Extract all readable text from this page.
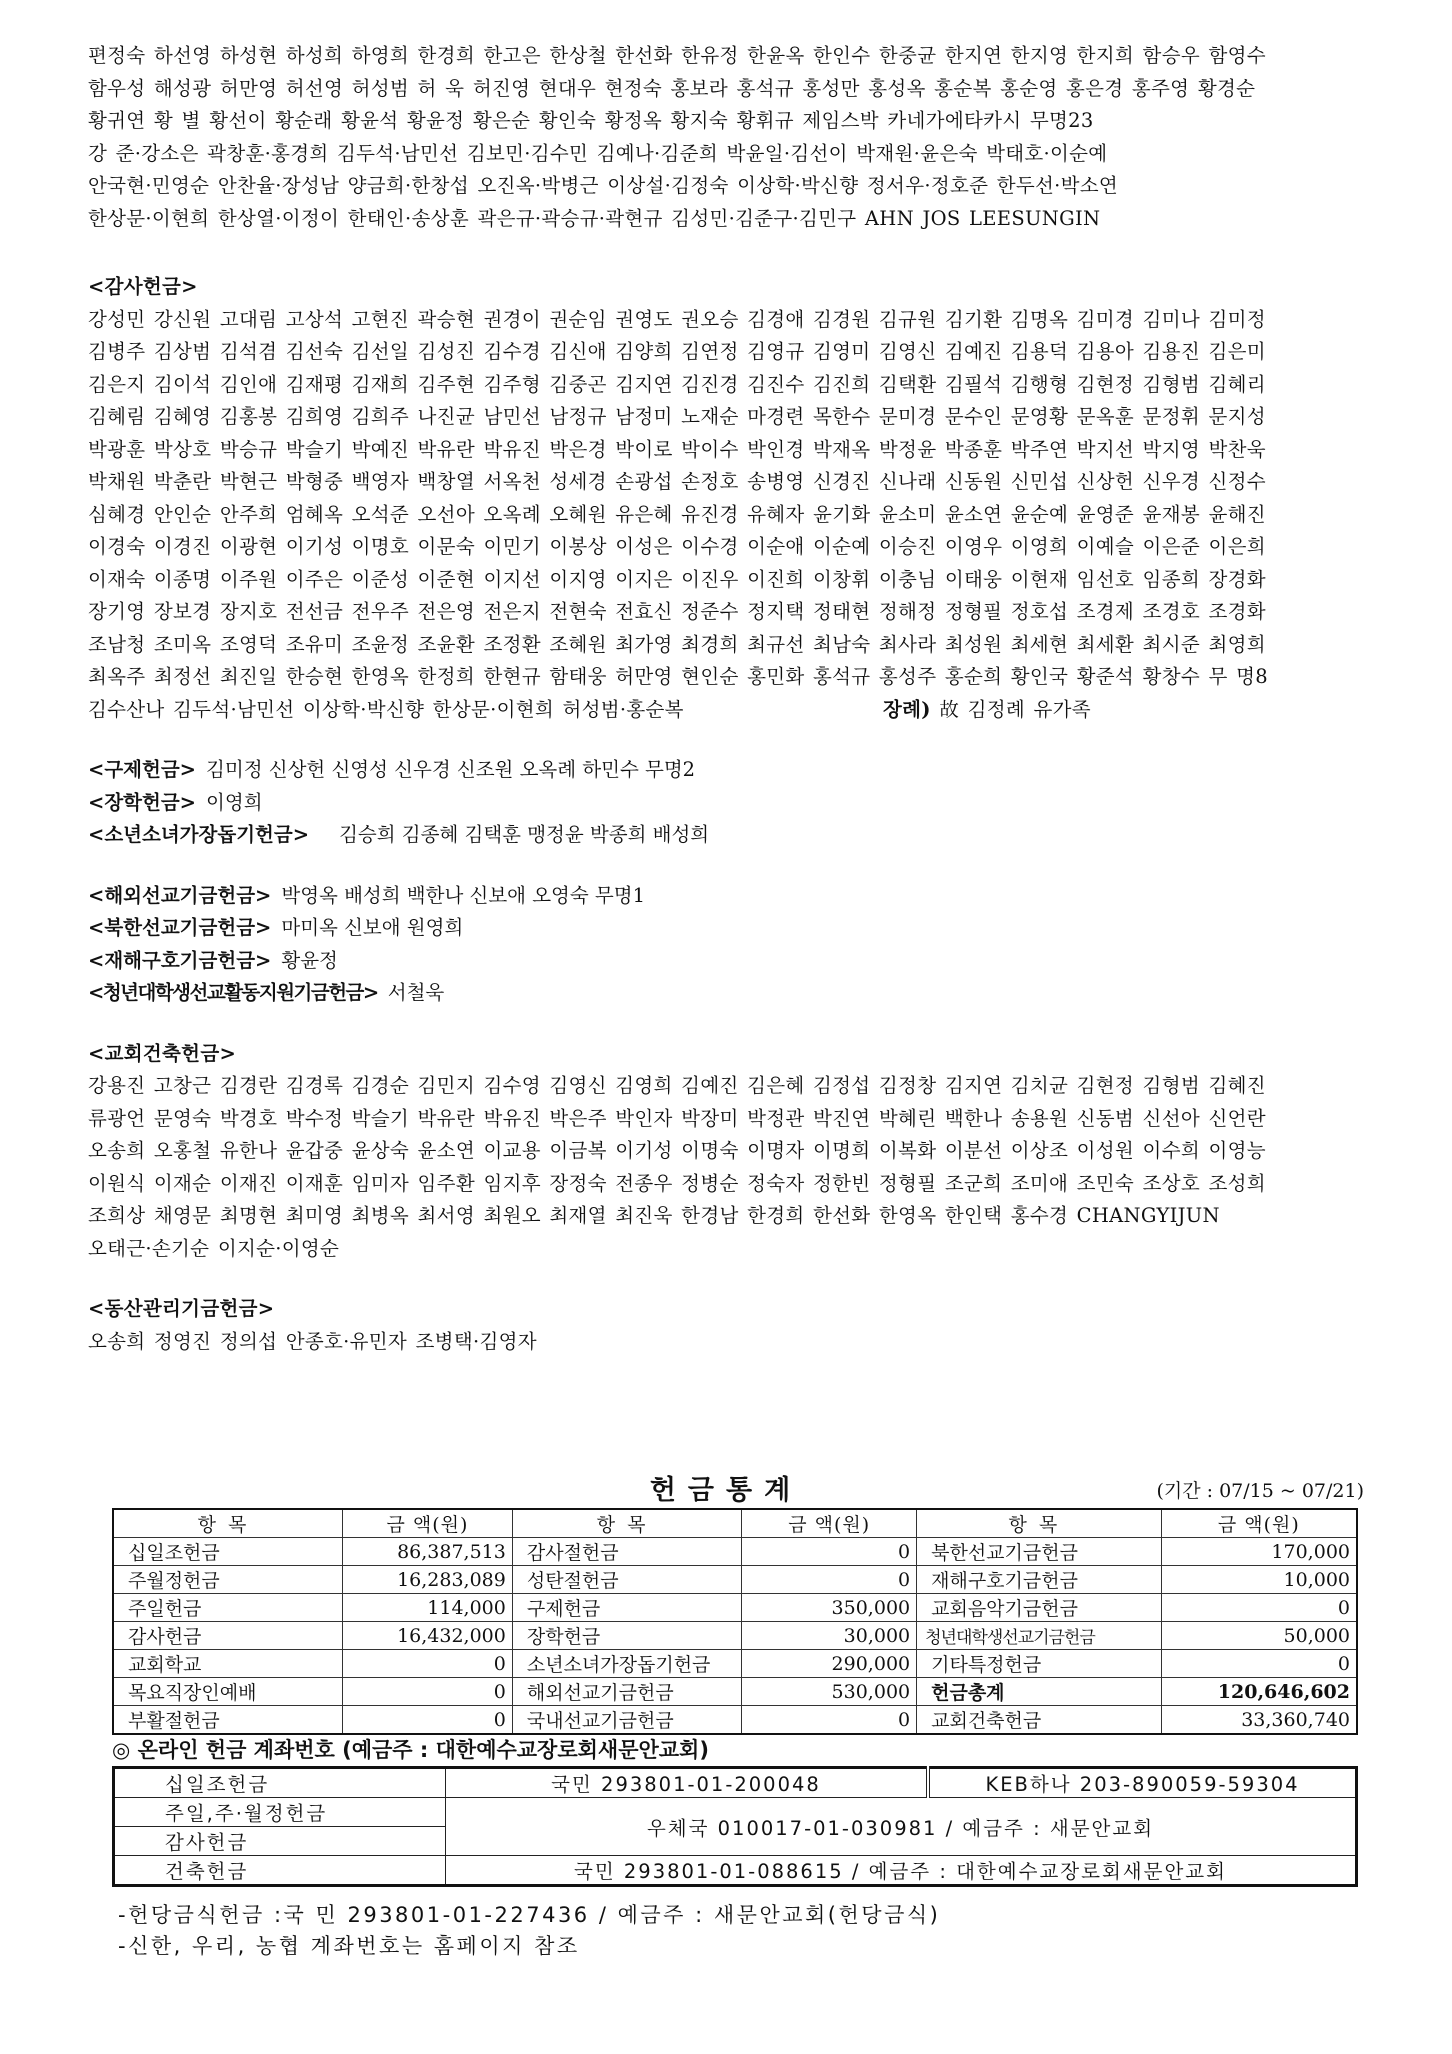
편정숙 하선영 하성현 하성희 하영희 한경희 한고은 한상철 한선화 한유정 한윤옥 한인수 한중균 한지연 한지영 한지희 함승우 함영수
함우성 해성광 허만영 허선영 허성범 허 욱 허진영 현대우 현정숙 홍보라 홍석규 홍성만 홍성옥 홍순복 홍순영 홍은경 홍주영 황경순
황귀연 황 별 황선이 황순래 황윤석 황윤정 황은순 황인숙 황정옥 황지숙 황휘규 제임스박 카네가에타카시 무명23
강 준·강소은 곽창훈·홍경희 김두석·남민선 김보민·김수민 김예나·김준희 박윤일·김선이 박재원·윤은숙 박태호·이순예
안국현·민영순 안찬율·장성남 양금희·한창섭 오진옥·박병근 이상설·김정숙 이상학·박신향 정서우·정호준 한두선·박소연
한상문·이현희 한상열·이정이 한태인·송상훈 곽은규·곽승규·곽현규 김성민·김준구·김민구 AHN JOS LEESUNGIN
<감사헌금>
강성민 강신원 고대림 고상석 고현진 곽승현 권경이 권순임 권영도 권오승 김경애 김경원 김규원 김기환 김명옥 김미경 김미나 김미정
김병주 김상범 김석겸 김선숙 김선일 김성진 김수경 김신애 김양희 김연정 김영규 김영미 김영신 김예진 김용덕 김용아 김용진 김은미
김은지 김이석 김인애 김재평 김재희 김주현 김주형 김중곤 김지연 김진경 김진수 김진희 김택환 김필석 김행형 김현정 김형범 김혜리
김혜림 김혜영 김홍봉 김희영 김희주 나진균 남민선 남정규 남정미 노재순 마경련 목한수 문미경 문수인 문영황 문옥훈 문정휘 문지성
박광훈 박상호 박승규 박슬기 박예진 박유란 박유진 박은경 박이로 박이수 박인경 박재옥 박정윤 박종훈 박주연 박지선 박지영 박찬욱
박채원 박춘란 박현근 박형중 백영자 백창열 서옥천 성세경 손광섭 손정호 송병영 신경진 신나래 신동원 신민섭 신상헌 신우경 신정수
심혜경 안인순 안주희 엄혜옥 오석준 오선아 오옥례 오혜원 유은혜 유진경 유혜자 윤기화 윤소미 윤소연 윤순예 윤영준 윤재봉 윤해진
이경숙 이경진 이광현 이기성 이명호 이문숙 이민기 이봉상 이성은 이수경 이순애 이순예 이승진 이영우 이영희 이예슬 이은준 이은희
이재숙 이종명 이주원 이주은 이준성 이준현 이지선 이지영 이지은 이진우 이진희 이창휘 이충님 이태웅 이현재 임선호 임종희 장경화
장기영 장보경 장지호 전선금 전우주 전은영 전은지 전현숙 전효신 정준수 정지택 정태현 정해정 정형필 정호섭 조경제 조경호 조경화
조남청 조미옥 조영덕 조유미 조윤정 조윤환 조정환 조혜원 최가영 최경희 최규선 최남숙 최사라 최성원 최세현 최세환 최시준 최영희
최옥주 최정선 최진일 한승현 한영옥 한정희 한현규 함태웅 허만영 현인순 홍민화 홍석규 홍성주 홍순희 황인국 황준석 황창수 무 명8
김수산나 김두석·남민선 이상학·박신향 한상문·이현희 허성범·홍순복	장례) 故 김정례 유가족
<구제헌금> 김미정 신상헌 신영성 신우경 신조원 오옥례 하민수 무명2
<장학헌금> 이영희
<소년소녀가장돕기헌금> 김승희 김종혜 김택훈 맹정윤 박종희 배성희
<해외선교기금헌금> 박영옥 배성희 백한나 신보애 오영숙 무명1
<북한선교기금헌금> 마미옥 신보애 원영희
<재해구호기금헌금> 황윤정
<청년대학생선교활동지원기금헌금> 서철욱
<교회건축헌금>
강용진 고창근 김경란 김경록 김경순 김민지 김수영 김영신 김영희 김예진 김은혜 김정섭 김정창 김지연 김치균 김현정 김형범 김혜진
류광언 문영숙 박경호 박수정 박슬기 박유란 박유진 박은주 박인자 박장미 박정관 박진연 박혜린 백한나 송용원 신동범 신선아 신언란
오송희 오홍철 유한나 윤갑중 윤상숙 윤소연 이교용 이금복 이기성 이명숙 이명자 이명희 이복화 이분선 이상조 이성원 이수희 이영능
이원식 이재순 이재진 이재훈 임미자 임주환 임지후 장정숙 전종우 정병순 정숙자 정한빈 정형필 조군희 조미애 조민숙 조상호 조성희
조희상 채영문 최명현 최미영 최병옥 최서영 최원오 최재열 최진욱 한경남 한경희 한선화 한영옥 한인택 홍수경 CHANGYIJUN
오태근·손기순 이지순·이영순
<동산관리기금헌금>
오송희 정영진 정의섭 안종호·유민자 조병택·김영자
헌금통계	(기간 : 07/15 ~ 07/21)
항목	금 액(원)	항목	금 액(원)	항목	금 액(원)
십일조헌금	86,387,513	감사절헌금	0	북한선교기금헌금	170,000
주월정헌금	16,283,089	성탄절헌금	0	재해구호기금헌금	10,000
주일헌금	114,000	구제헌금	350,000	교회음악기금헌금	0
감사헌금	16,432,000	장학헌금	30,000	청년대학생선교기금헌금	50,000
교회학교	0	소년소녀가장돕기헌금	290,000	기타특정헌금	0
목요직장인예배	0	해외선교기금헌금	530,000	헌금총계	120,646,602
부활절헌금	0	국내선교기금헌금	0	교회건축헌금	33,360,740
◎ 온라인 헌금 계좌번호 (예금주 : 대한예수교장로회새문안교회)
십일조헌금	국민 293801-01-200048	KEB하나 203-890059-59304
주일,주·월정헌금	우체국 010017-01-030981 / 예금주 : 새문안교회	
감사헌금		
건축헌금	국민 293801-01-088615 / 예금주 : 대한예수교장로회새문안교회	
-헌당금식헌금 :국 민 293801-01-227436 / 예금주 : 새문안교회(헌당금식)
-신한, 우리, 농협 계좌번호는 홈페이지 참조
